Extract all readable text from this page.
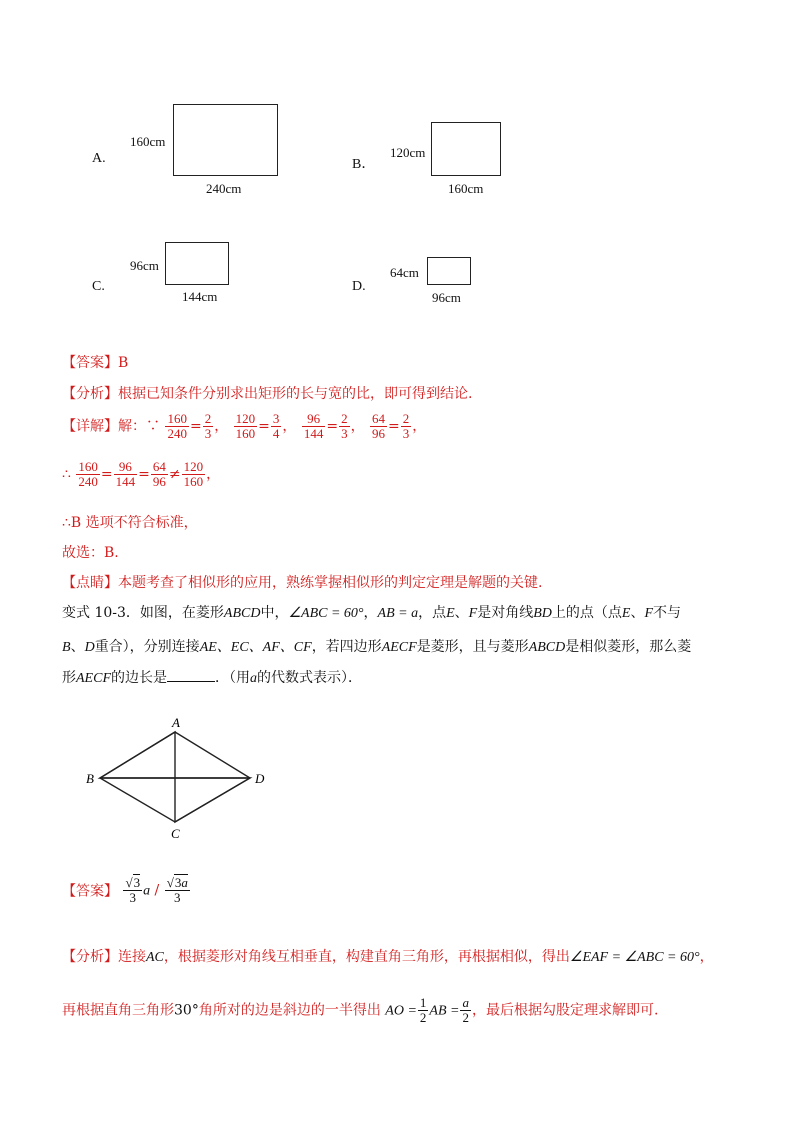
A.
160cm
240cm
B．
120cm
160cm
C.
96cm
144cm
D.
64cm
96cm
【答案】B
【分析】根据已知条件分别求出矩形的长与宽的比，即可得到结论.
【详解】解：∵ $\frac{160}{240} = \frac{2}{3}$ ， $\frac{120}{160} = \frac{3}{4}$ ， $\frac{96}{144} = \frac{2}{3}$ ， $\frac{64}{96} = \frac{2}{3}$ ，
∴ $\frac{160}{240} = \frac{96}{144} = \frac{64}{96} \ne \frac{120}{160}$ ，
∴B 选项不符合标准，
故选：B.
【点睛】本题考查了相似形的应用，熟练掌握相似形的判定定理是解题的关键.
变式 10-3．如图，在菱形ABCD中，∠ABC = 60°，AB = a，点E、F是对角线BD上的点（点E、F不与
B、D重合），分别连接AE、EC、AF、CF，若四边形AECF是菱形，且与菱形ABCD是相似菱形，那么菱
形AECF的边长是	．（用a的代数式表示）．
A
B	D
C
【答案】 $\frac{√3}{3}$ a / $\frac{√3a}{3}$
【分析】连接AC，根据菱形对角线互相垂直，构建直角三角形，再根据相似，得出∠EAF = ∠ABC = 60°，
再根据直角三角形30°角所对的边是斜边的一半得出 AO = $\frac{1}{2}$ AB = $\frac{a}{2}$ ，最后根据勾股定理求解即可.
